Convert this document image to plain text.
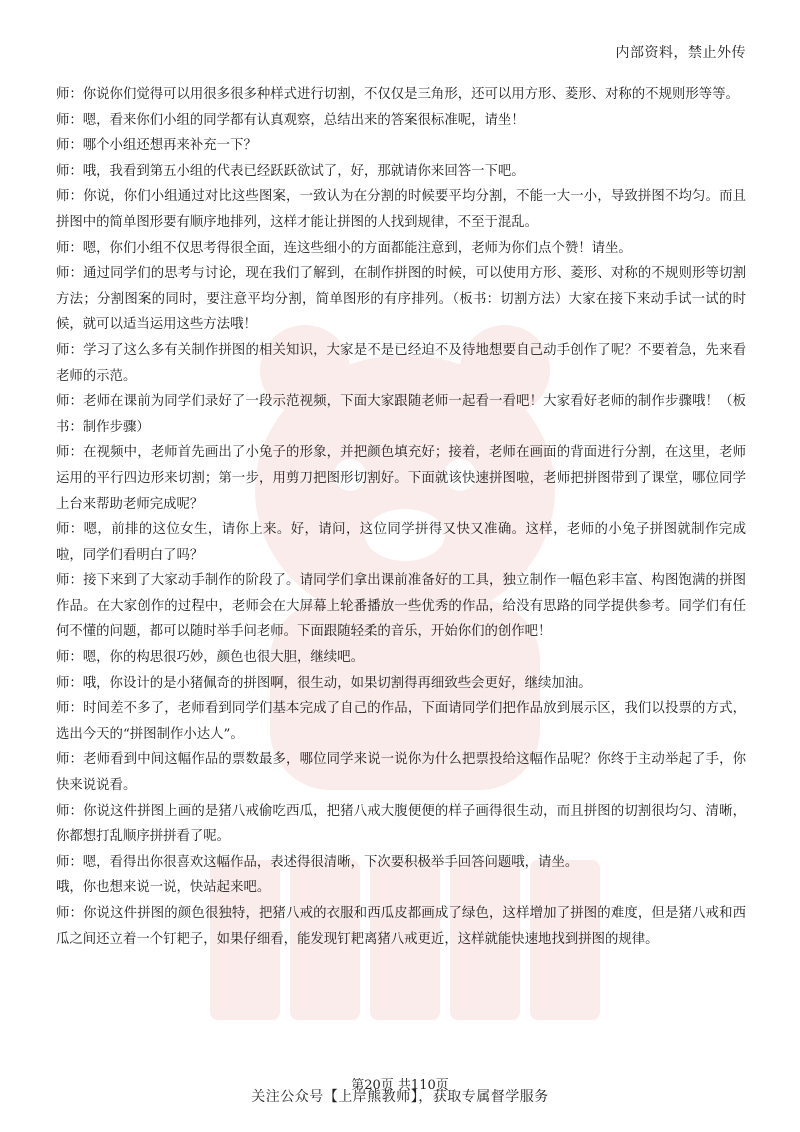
内部资料，禁止外传

师：你说你们觉得可以用很多很多种样式进行切割，不仅仅是三角形，还可以用方形、菱形、对称的不规则形等等。

师：嗯，看来你们小组的同学都有认真观察，总结出来的答案很标准呢，请坐！

师：哪个小组还想再来补充一下？

师：哦，我看到第五小组的代表已经跃跃欲试了，好，那就请你来回答一下吧。

师：你说，你们小组通过对比这些图案，一致认为在分割的时候要平均分割，不能一大一小，导致拼图不均匀。而且拼图中的简单图形要有顺序地排列，这样才能让拼图的人找到规律，不至于混乱。

师：嗯，你们小组不仅思考得很全面，连这些细小的方面都能注意到，老师为你们点个赞！请坐。

师：通过同学们的思考与讨论，现在我们了解到，在制作拼图的时候，可以使用方形、菱形、对称的不规则形等切割方法；分割图案的同时，要注意平均分割，简单图形的有序排列。（板书：切割方法）大家在接下来动手试一试的时候，就可以适当运用这些方法哦！

师：学习了这么多有关制作拼图的相关知识，大家是不是已经迫不及待地想要自己动手创作了呢？不要着急，先来看老师的示范。

师：老师在课前为同学们录好了一段示范视频，下面大家跟随老师一起看一看吧！大家看好老师的制作步骤哦！（板书：制作步骤）

师：在视频中，老师首先画出了小兔子的形象，并把颜色填充好；接着，老师在画面的背面进行分割，在这里，老师运用的平行四边形来切割；第一步，用剪刀把图形切割好。下面就该快速拼图啦，老师把拼图带到了课堂，哪位同学上台来帮助老师完成呢？

师：嗯，前排的这位女生，请你上来。好，请问，这位同学拼得又快又准确。这样，老师的小兔子拼图就制作完成啦，同学们看明白了吗？

师：接下来到了大家动手制作的阶段了。请同学们拿出课前准备好的工具，独立制作一幅色彩丰富、构图饱满的拼图作品。在大家创作的过程中，老师会在大屏幕上轮番播放一些优秀的作品，给没有思路的同学提供参考。同学们有任何不懂的问题，都可以随时举手问老师。下面跟随轻柔的音乐，开始你们的创作吧！

师：嗯，你的构思很巧妙，颜色也很大胆，继续吧。

师：哦，你设计的是小猪佩奇的拼图啊，很生动，如果切割得再细致些会更好，继续加油。

师：时间差不多了，老师看到同学们基本完成了自己的作品，下面请同学们把作品放到展示区，我们以投票的方式，选出今天的“拼图制作小达人”。

师：老师看到中间这幅作品的票数最多，哪位同学来说一说你为什么把票投给这幅作品呢？你终于主动举起了手，你快来说说看。

师：你说这件拼图上画的是猪八戒偷吃西瓜，把猪八戒大腹便便的样子画得很生动，而且拼图的切割很均匀、清晰，你都想打乱顺序拼拼看了呢。

师：嗯，看得出你很喜欢这幅作品，表述得很清晰，下次要积极举手回答问题哦，请坐。

哦，你也想来说一说，快站起来吧。

师：你说这件拼图的颜色很独特，把猪八戒的衣服和西瓜皮都画成了绿色，这样增加了拼图的难度，但是猪八戒和西瓜之间还立着一个钉耙子，如果仔细看，能发现钉耙离猪八戒更近，这样就能快速地找到拼图的规律。

第20页 共110页
关注公众号【上岸熊教师】，获取专属督学服务
